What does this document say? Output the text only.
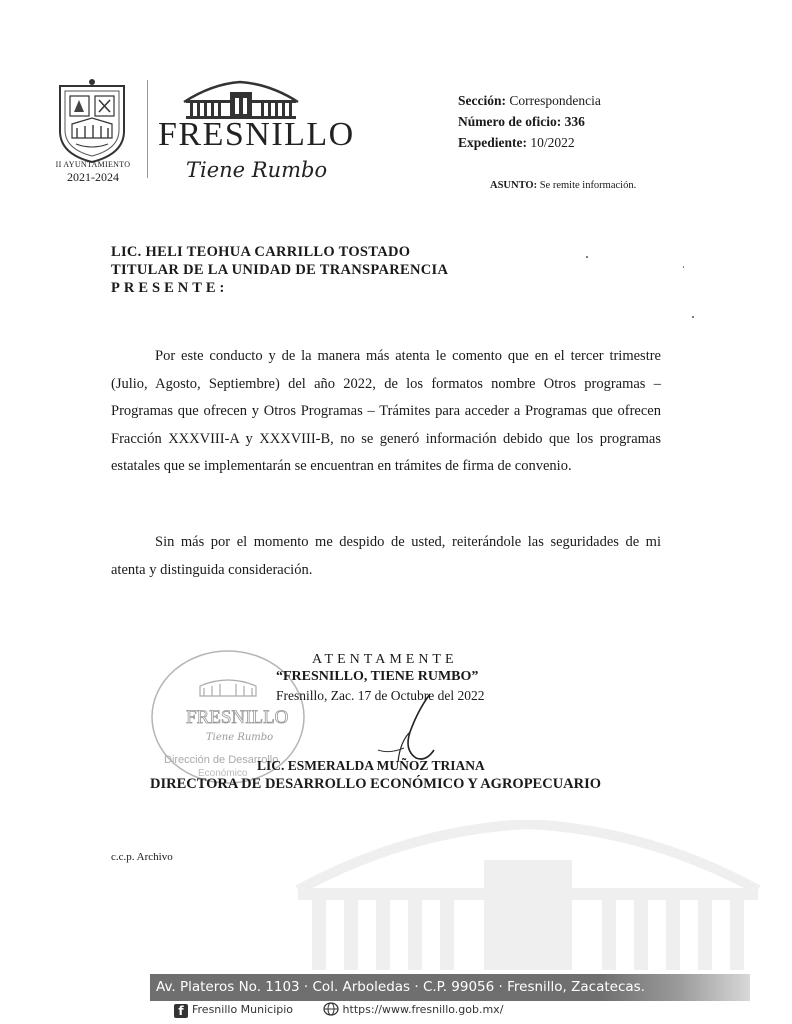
II AYUNTAMIENTO
2021-2024
FRESNILLO
Tiene Rumbo
Sección: Correspondencia
Número de oficio: 336
Expediente: 10/2022
ASUNTO: Se remite información.
LIC. HELI TEOHUA CARRILLO TOSTADO
TITULAR DE LA UNIDAD DE TRANSPARENCIA
PRESENTE:
Por este conducto y de la manera más atenta le comento que en el tercer trimestre (Julio, Agosto, Septiembre) del año 2022, de los formatos nombre Otros programas – Programas que ofrecen y Otros Programas – Trámites para acceder a Programas que ofrecen Fracción XXXVIII-A y XXXVIII-B, no se generó información debido que los programas estatales que se implementarán se encuentran en trámites de firma de convenio.
Sin más por el momento me despido de usted, reiterándole las seguridades de mi atenta y distinguida consideración.
FRESNILLO
Tiene Rumbo
Dirección de Desarrollo
Económico
ATENTAMENTE
“FRESNILLO, TIENE RUMBO”
Fresnillo, Zac. 17 de Octubre del 2022
LIC. ESMERALDA MUÑOZ TRIANA
DIRECTORA DE DESARROLLO ECONÓMICO Y AGROPECUARIO
c.c.p. Archivo
Av. Plateros No. 1103 · Col. Arboledas · C.P. 99056 · Fresnillo, Zacatecas.
f Fresnillo Municipio	https://www.fresnillo.gob.mx/
